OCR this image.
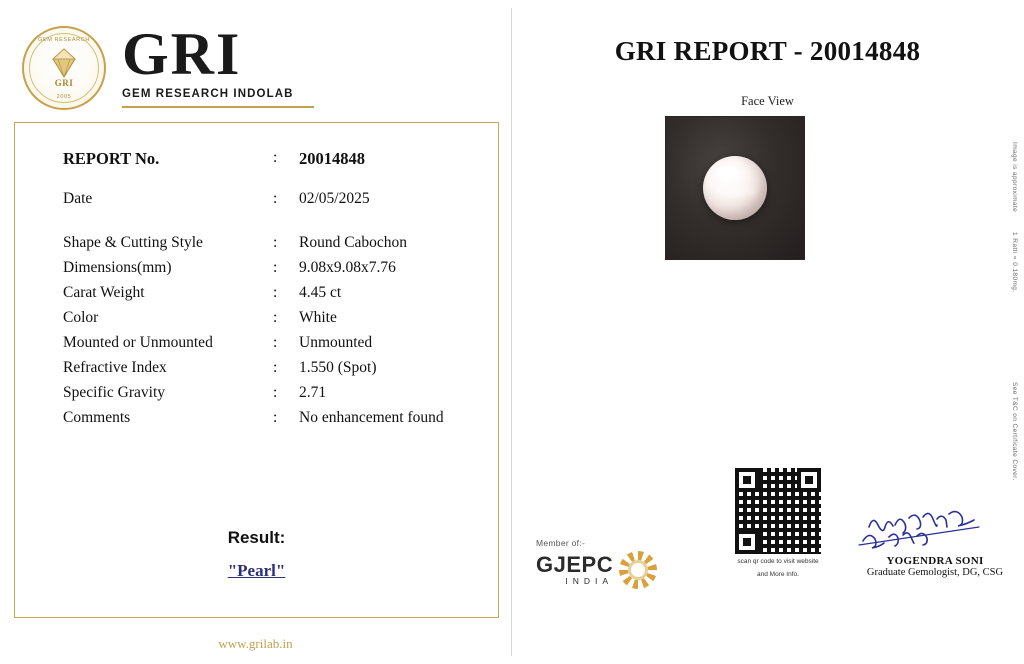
GEM RESEARCH
GRI
2005
GRI
GEM RESEARCH INDOLAB
REPORT No.	:	20014848
Date	:	02/05/2025
Shape & Cutting Style	:	Round Cabochon
Dimensions(mm)	:	9.08x9.08x7.76
Carat Weight	:	4.45 ct
Color	:	White
Mounted or Unmounted	:	Unmounted
Refractive Index	:	1.550 (Spot)
Specific Gravity	:	2.71
Comments	:	No enhancement found
Result:
"Pearl"
www.grilab.in
GRI REPORT - 20014848
Face View
Image is approximate
1 Ratti = 0.180mg.
See T&C on Certificate Cover.
Member of:-
GJEPC
INDIA
scan qr code to visit website
and More Info.
YOGENDRA SONI
Graduate Gemologist, DG, CSG
